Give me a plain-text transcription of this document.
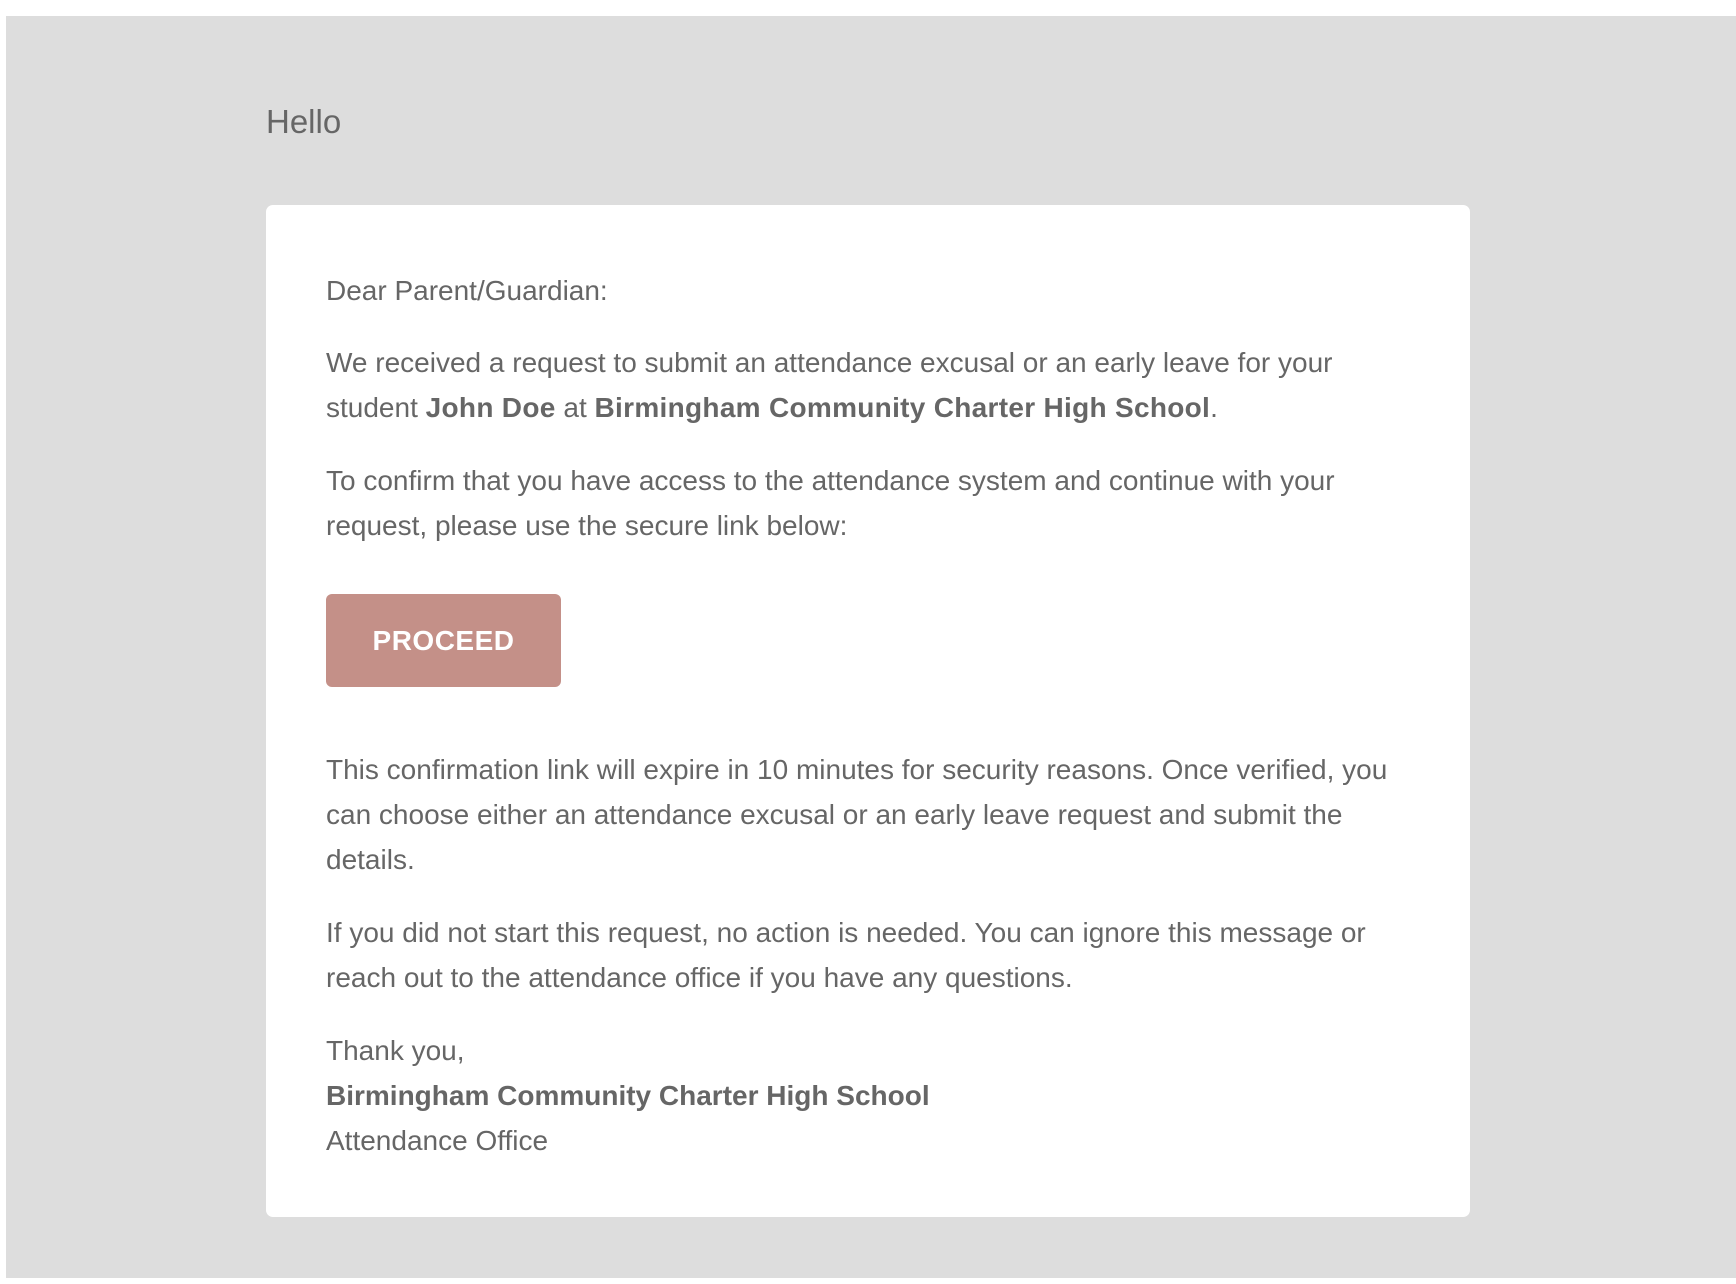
Hello

Dear Parent/Guardian:

We received a request to submit an attendance excusal or an early leave for your student John Doe at Birmingham Community Charter High School.

To confirm that you have access to the attendance system and continue with your request, please use the secure link below:

PROCEED

This confirmation link will expire in 10 minutes for security reasons. Once verified, you can choose either an attendance excusal or an early leave request and submit the details.

If you did not start this request, no action is needed. You can ignore this message or reach out to the attendance office if you have any questions.

Thank you,
Birmingham Community Charter High School
Attendance Office
